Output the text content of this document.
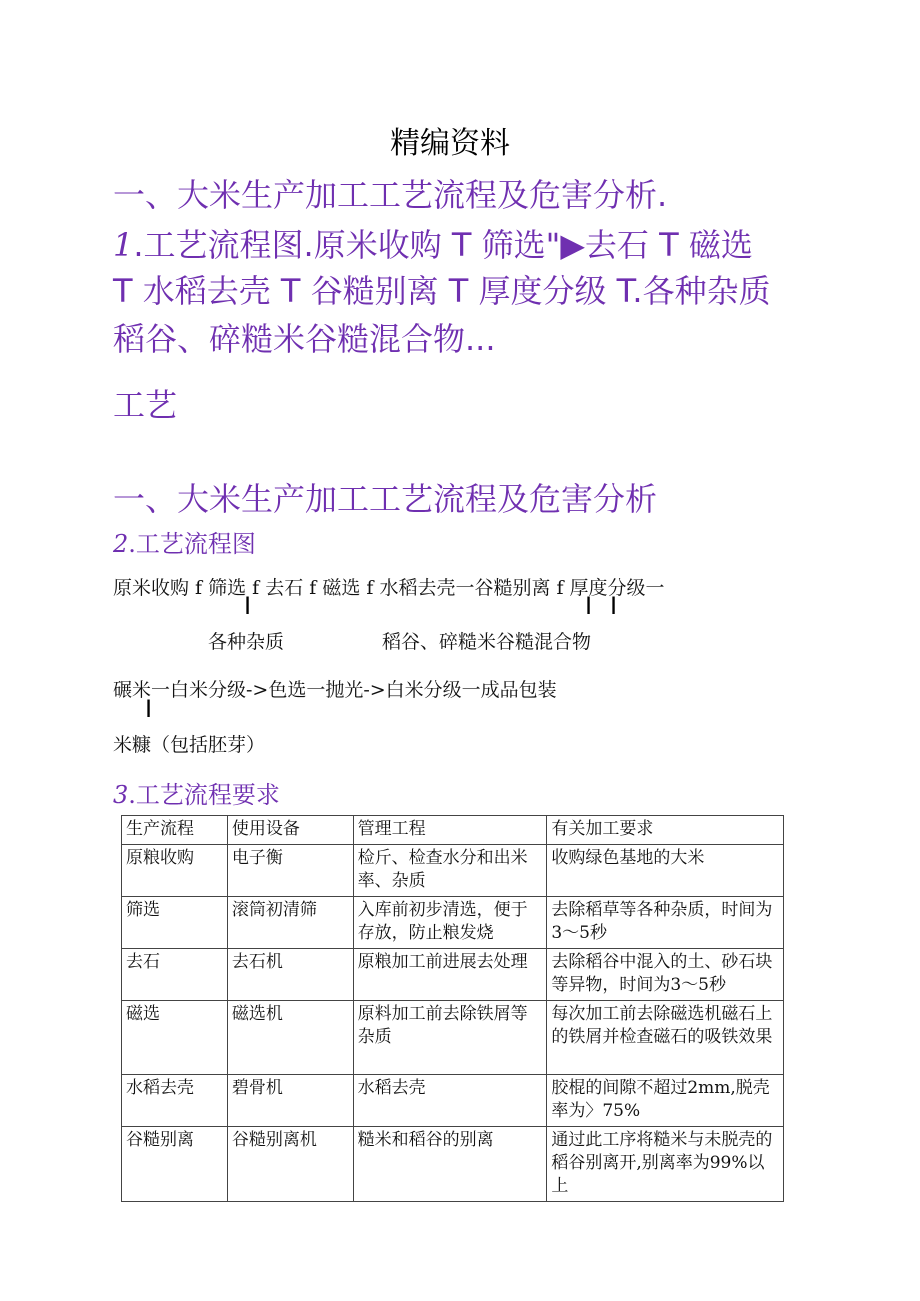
精编资料
一、大米生产加工工艺流程及危害分析.
1.工艺流程图.原米收购 T 筛选"▶去石 T 磁选
T 水稻去壳 T 谷糙别离 T 厚度分级 T.各种杂质
稻谷、碎糙米谷糙混合物...
工艺
一、大米生产加工工艺流程及危害分析
2.工艺流程图
原米收购 f 筛选 f 去石 f 磁选 f 水稻去壳一谷糙别离 f 厚度分级一
I	I I
各种杂质	稻谷、碎糙米谷糙混合物
碾米一白米分级->色选一抛光->白米分级一成品包装
I
米糠（包括胚芽）
3.工艺流程要求
生产流程	使用设备	管理工程	有关加工要求
原粮收购	电子衡	检斤、检查水分和出米率、杂质	收购绿色基地的大米
筛选	滚筒初清筛	入库前初步清选，便于存放，防止粮发烧	去除稻草等各种杂质，时间为3～5秒
去石	去石机	原粮加工前进展去处理	去除稻谷中混入的土、砂石块等异物，时间为3～5秒
磁选	磁选机	原料加工前去除铁屑等杂质	每次加工前去除磁选机磁石上的铁屑并检查磁石的吸铁效果
水稻去壳	碧骨机	水稻去壳	胶棍的间隙不超过2mm,脱壳率为〉75%
谷糙别离	谷糙别离机	糙米和稻谷的别离	通过此工序将糙米与未脱壳的稻谷别离开,别离率为99%以上
